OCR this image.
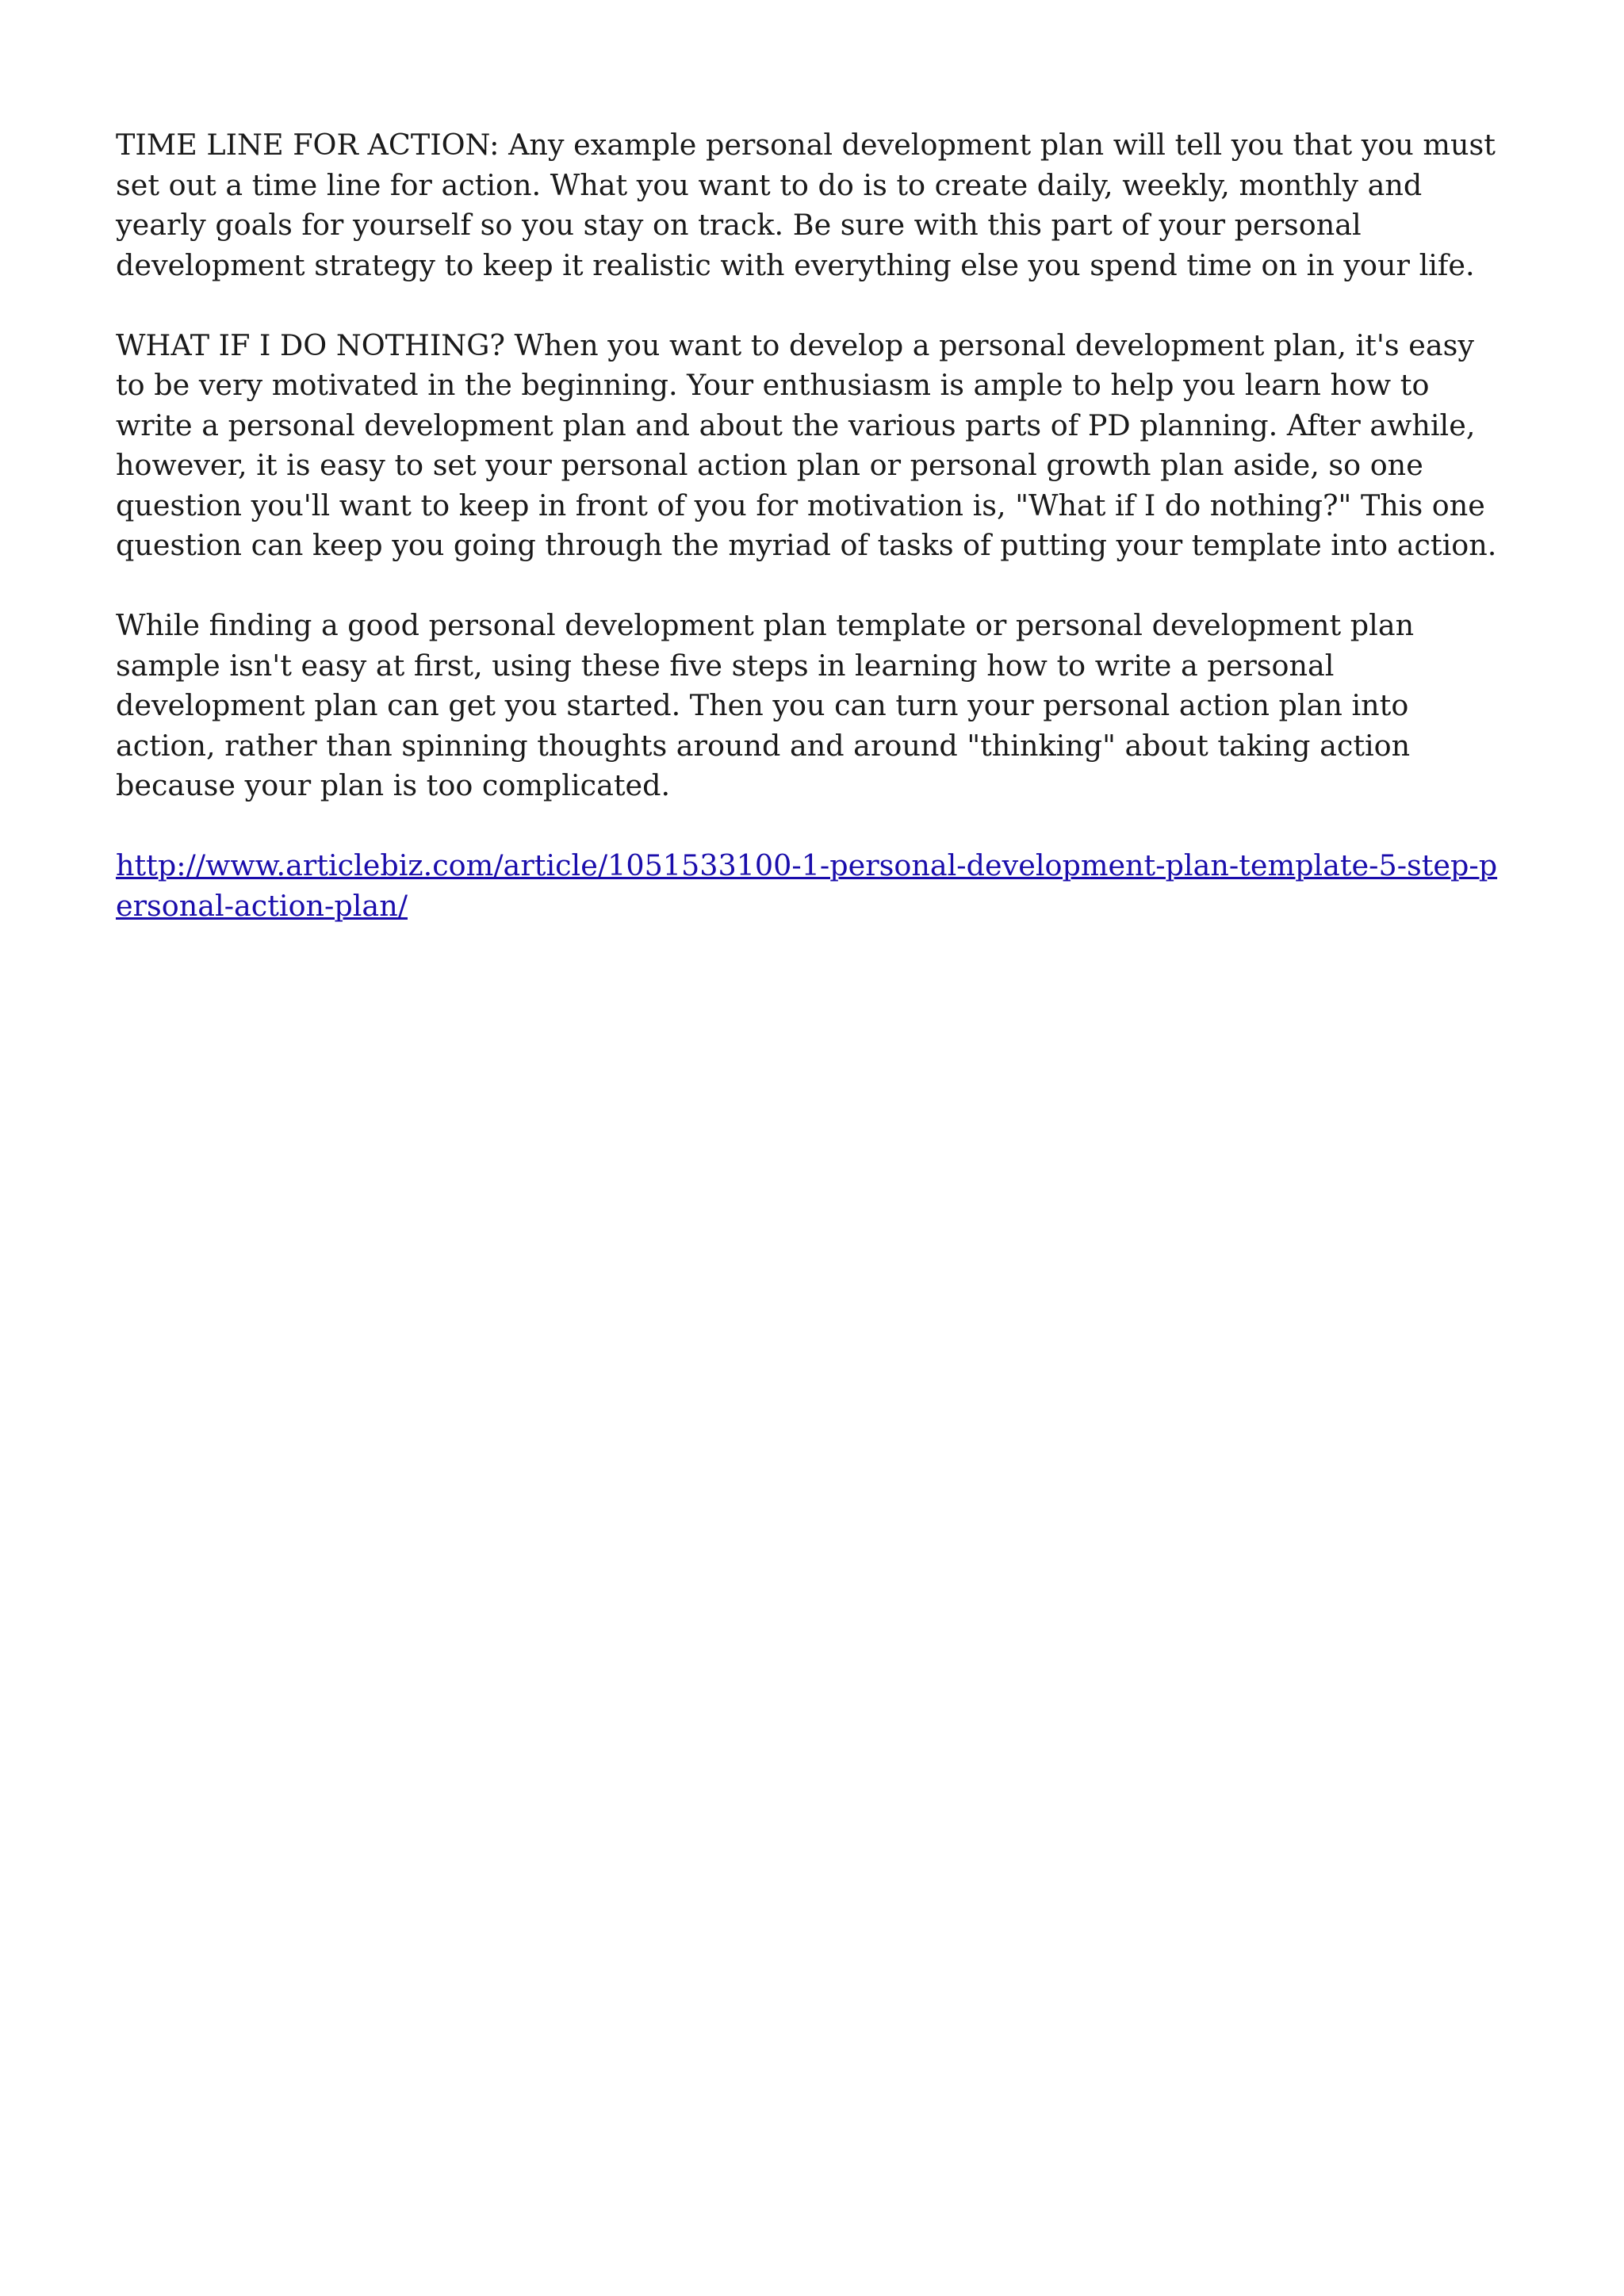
TIME LINE FOR ACTION: Any example personal development plan will tell you that you must set out a time line for action. What you want to do is to create daily, weekly, monthly and yearly goals for yourself so you stay on track. Be sure with this part of your personal development strategy to keep it realistic with everything else you spend time on in your life.

WHAT IF I DO NOTHING? When you want to develop a personal development plan, it's easy to be very motivated in the beginning. Your enthusiasm is ample to help you learn how to write a personal development plan and about the various parts of PD planning. After awhile, however, it is easy to set your personal action plan or personal growth plan aside, so one question you'll want to keep in front of you for motivation is, "What if I do nothing?" This one question can keep you going through the myriad of tasks of putting your template into action.

While finding a good personal development plan template or personal development plan sample isn't easy at first, using these five steps in learning how to write a personal development plan can get you started. Then you can turn your personal action plan into action, rather than spinning thoughts around and around "thinking" about taking action because your plan is too complicated.

http://www.articlebiz.com/article/1051533100-1-personal-development-plan-template-5-step-personal-action-plan/
